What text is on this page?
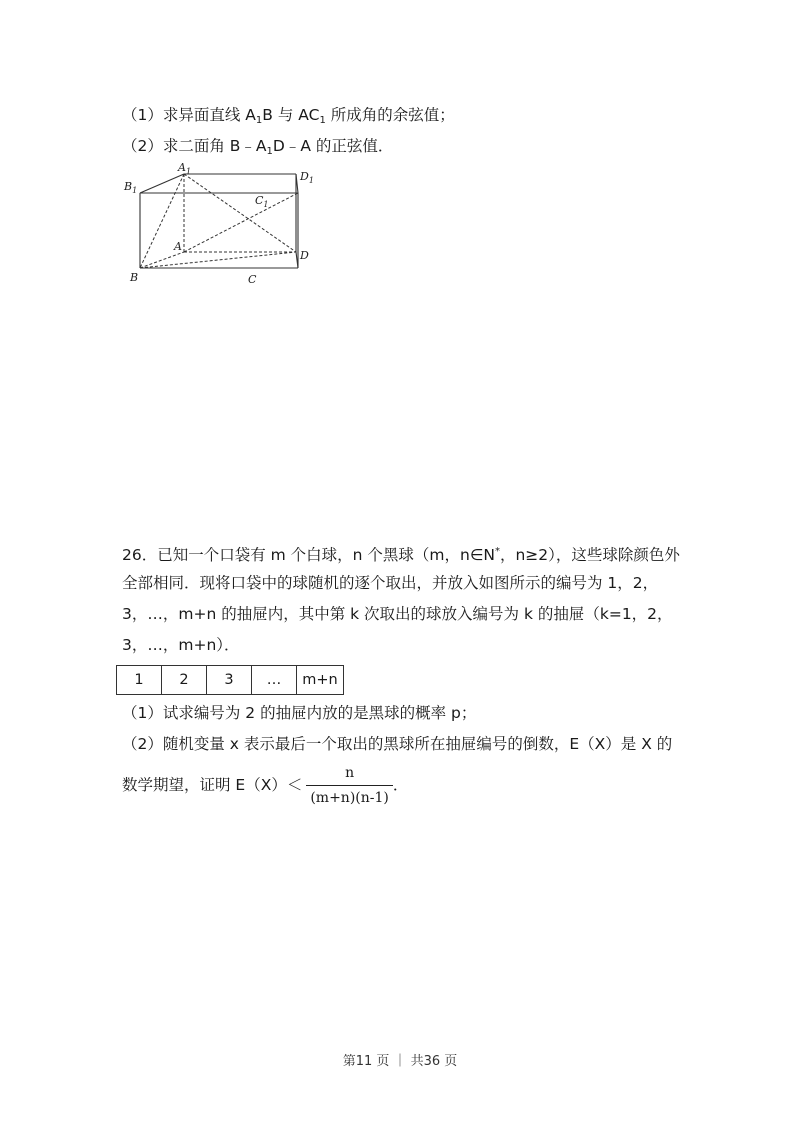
（1）求异面直线 $A_1B$ 与 $AC_1$ 所成角的余弦值；
（2）求二面角 $B﹣A_1D﹣A$ 的正弦值．
$B_1$
$A_1$	$D_1$
$C_1$
A
D
B	C
26．已知一个口袋有 m 个白球，n 个黑球（m，n∈N*，n≥2），这些球除颜色外
全部相同．现将口袋中的球随机的逐个取出，并放入如图所示的编号为 1，2，
3，…，m+n 的抽屉内，其中第 k 次取出的球放入编号为 k 的抽屉（k=1，2，
3，…，m+n）．
1	2	3	…	m+n
（1）试求编号为 2 的抽屉内放的是黑球的概率 p；
（2）随机变量 x 表示最后一个取出的黑球所在抽屉编号的倒数，E（X）是 X 的
数学期望，证明 $E(X)< \frac{n}{(m+n)(n-1)}$ ．
第11 页 ｜ 共36 页
